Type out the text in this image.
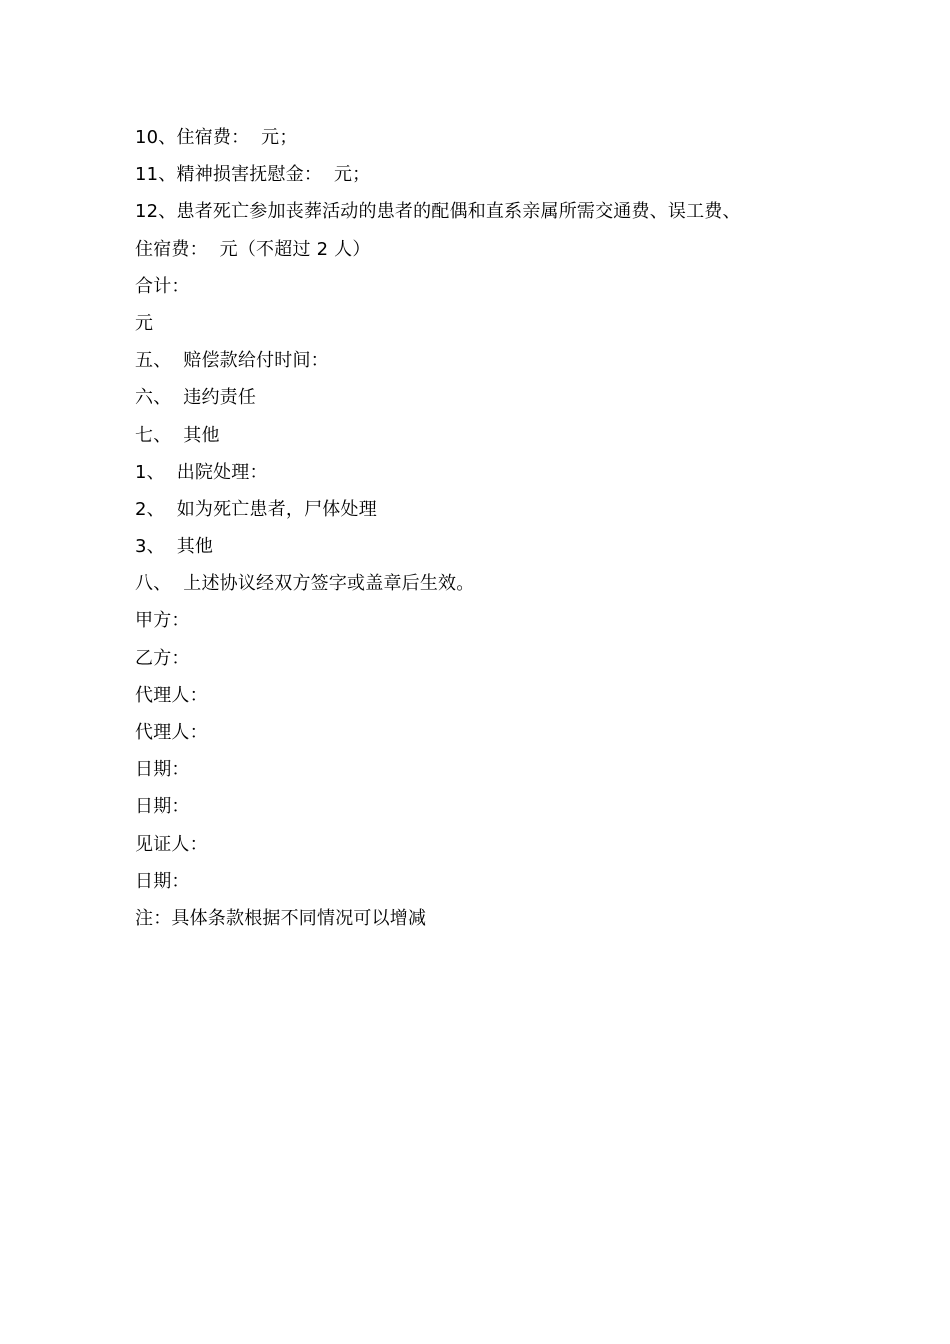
10、住宿费：  元；
11、精神损害抚慰金：  元；
12、患者死亡参加丧葬活动的患者的配偶和直系亲属所需交通费、误工费、
住宿费：  元（不超过 2 人）
合计：
元
五、  赔偿款给付时间：
六、  违约责任
七、  其他
1、  出院处理：
2、  如为死亡患者，尸体处理
3、  其他
八、  上述协议经双方签字或盖章后生效。
甲方：
乙方：
代理人：
代理人：
日期：
日期：
见证人：
日期：
注：具体条款根据不同情况可以增减
